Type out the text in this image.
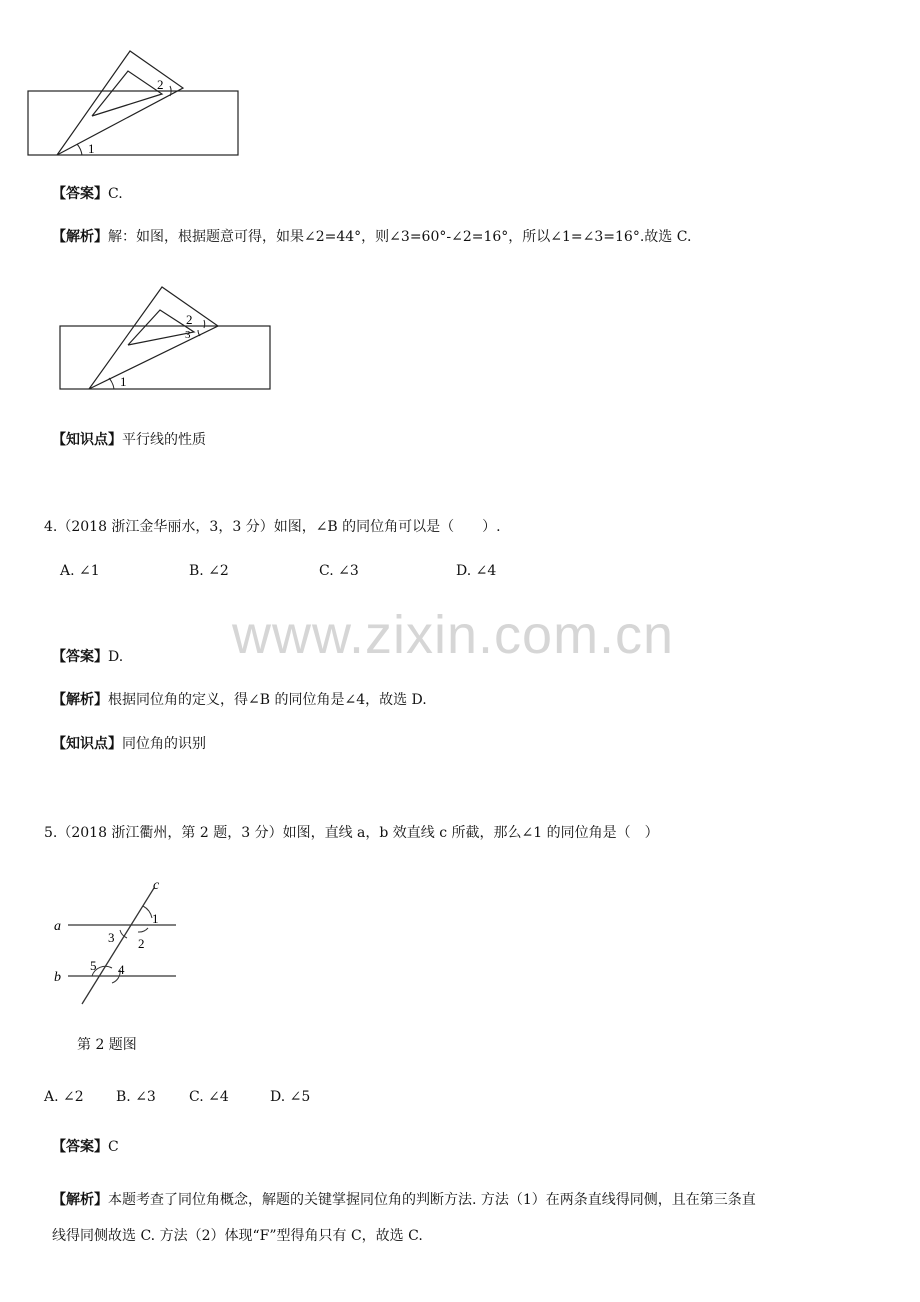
2
1
【答案】C.
【解析】解：如图，根据题意可得，如果∠2=44°，则∠3=60°-∠2=16°，所以∠1=∠3=16°.故选 C.
2
3
1
【知识点】平行线的性质
4.（2018 浙江金华丽水，3，3 分）如图，∠B 的同位角可以是（　　）.
A. ∠1	B. ∠2	C. ∠3	D. ∠4
www.zixin.com.cn
【答案】D.
【解析】根据同位角的定义，得∠B 的同位角是∠4，故选 D.
【知识点】同位角的识别
5.（2018 浙江衢州，第 2 题，3 分）如图，直线 a，b 效直线 c 所截，那么∠1 的同位角是（　）
c
a
b
1
2
3
4
5
第 2 题图
A. ∠2 B. ∠3 C. ∠4	D. ∠5
【答案】C
【解析】本题考查了同位角概念，解题的关键掌握同位角的判断方法. 方法（1）在两条直线得同侧，且在第三条直
线得同侧故选 C. 方法（2）体现“F”型得角只有 C，故选 C.
